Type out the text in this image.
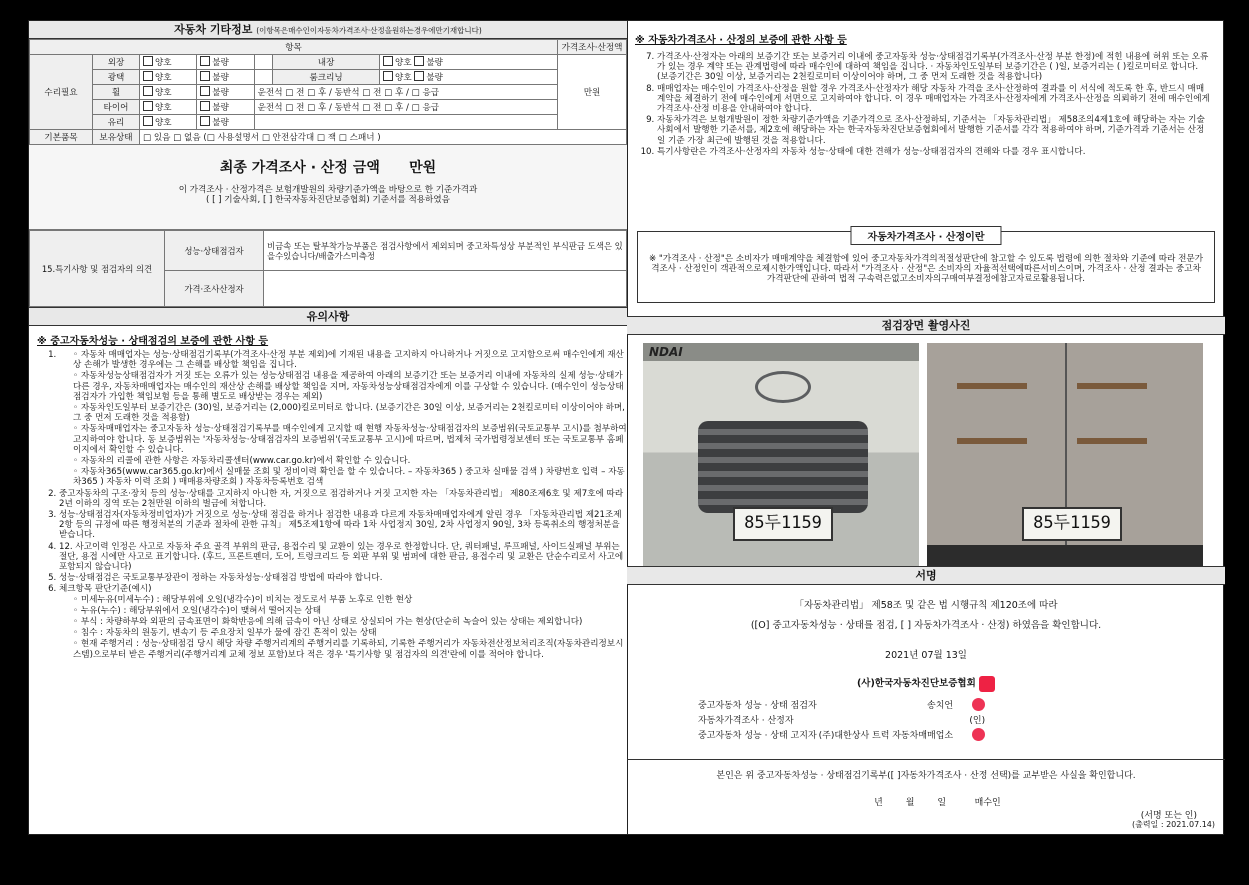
자동차 기타정보 (이항목은매수인이자동차가격조사·산정을원하는경우에만기재합니다)
항목							가격조사·산정액
수리필요	외장	양호	불량		내장	양호 불량	만원
	광택	양호	불량		룸크리닝	양호 불량	
	휠	양호	불량	운전석 □ 전 □ 후 / 동반석 □ 전 □ 후 / □ 응급			
	타이어	양호	불량	운전석 □ 전 □ 후 / 동반석 □ 전 □ 후 / □ 응급			
	유리	양호	불량				
기본품목	보유상태	□ 있음 □ 없음 (□ 사용설명서 □ 안전삼각대 □ 잭 □ 스패너 )					
최종 가격조사 · 산정 금액      만원
이 가격조사 · 산정가격은 보험개발원의 차량기준가액을 바탕으로 한 기준가격과
( [ ] 기술사회, [ ] 한국자동차진단보증협회) 기준서를 적용하였음
15.특기사항 및 점검자의 의견	성능·상태점검자	비금속 또는 탈부착가능부품은 점검사항에서 제외되며 중고차특성상 부분적인 부식판금 도색은 있을수있습니다/배출가스미측정
	가격·조사산정자	
유의사항
※ 중고자동차성능 · 상태점검의 보증에 관한 사항 등
◦ 1. 자동차 매매업자는 성능·상태점검기록부(가격조사·산정 부분 제외)에 기재된 내용을 고지하지 아니하거나 거짓으로 고지함으로써 매수인에게 재산상 손해가 발생한 경우에는 그 손해를 배상할 책임을 집니다.
◦ 자동차성능상태점검자가 거짓 또는 오류가 있는 성능상태점검 내용을 제공하여 아래의 보증기간 또는 보증거리 이내에 자동차의 실제 성능·상태가 다른 경우, 자동차매매업자는 매수인의 재산상 손해를 배상할 책임을 지며, 자동차성능상태점검자에게 이를 구상할 수 있습니다. (매수인이 성능상태점검자가 가입한 책임보험 등을 통해 별도로 배상받는 경우는 제외)
◦ 자동차인도일부터 보증기간은 (30)일, 보증거리는 (2,000)킬로미터로 합니다. (보증기간은 30일 이상, 보증거리는 2천킬로미터 이상이어야 하며, 그 중 먼저 도래한 것을 적용함)
◦ 자동차매매업자는 중고자동차 성능·상태점검기록부를 매수인에게 고지할 때 현행 자동차성능·상태점검자의 보증범위(국토교통부 고시)를 첨부하여 고지하여야 합니다. 동 보증범위는 '자동차성능·상태점검자의 보증범위'(국토교통부 고시)에 따르며, 법제처 국가법령정보센터 또는 국토교통부 홈페이지에서 확인할 수 있습니다.
◦ 자동차의 리콜에 관한 사항은 자동차리콜센터(www.car.go.kr)에서 확인할 수 있습니다.
◦ 자동차365(www.car365.go.kr)에서 실매물 조회 및 정비이력 확인을 할 수 있습니다. – 자동차365 ) 중고차 실매물 검색 ) 차량번호 입력 – 자동차365 ) 자동차 이력 조회 ) 매매용차량조회 ) 자동차등록번호 검색
2. 중고자동차의 구조·장치 등의 성능·상태를 고지하지 아니한 자, 거짓으로 점검하거나 거짓 고지한 자는 「자동차관리법」 제80조제6호 및 제7호에 따라 2년 이하의 징역 또는 2천만원 이하의 벌금에 처합니다.
3. 성능·상태점검자(자동차정비업자)가 거짓으로 성능·상태 점검을 하거나 점검한 내용과 다르게 자동차매매업자에게 알린 경우 「자동차관리법 제21조제2항 등의 규정에 따른 행정처분의 기준과 절차에 관한 규칙」 제5조제1항에 따라 1차 사업정지 30일, 2차 사업정지 90일, 3차 등록취소의 행정처분을 받습니다.
4. 12. 사고이력 인정은 사고로 자동차 주요 골격 부위의 판금, 용접수리 및 교환이 있는 경우로 한정합니다. 단, 쿼터패널, 루프패널, 사이드실패널 부위는 절단, 용접 시에만 사고로 표기합니다. (후드, 프론트펜더, 도어, 트렁크리드 등 외판 부위 및 범퍼에 대한 판금, 용접수리 및 교환은 단순수리로서 사고에 포함되지 않습니다)
5. 성능·상태점검은 국토교통부장관이 정하는 자동차성능·상태점검 방법에 따라야 합니다.
6. 체크항목 판단기준(예시)
◦ 미세누유(미세누수) : 해당부위에 오일(냉각수)이 비치는 정도로서 부품 노후로 인한 현상
◦ 누유(누수) : 해당부위에서 오일(냉각수)이 맺혀서 떨어지는 상태
◦ 부식 : 차량하부와 외판의 금속표면이 화학반응에 의해 금속이 아닌 상태로 상실되어 가는 현상(단순히 녹슬어 있는 상태는 제외합니다)
◦ 침수 : 자동차의 원동기, 변속기 등 주요장치 일부가 물에 잠긴 흔적이 있는 상태
◦ 현재 주행거리 : 성능·상태점검 당시 해당 차량 주행거리계의 주행거리를 기록하되, 기록한 주행거리가 자동차전산정보처리조직(자동차관리정보시스템)으로부터 받은 주행거리(주행거리계 교체 정보 포함)보다 적은 경우 '특기사항 및 점검자의 의견'란에 이를 적어야 합니다.
※ 자동차가격조사 · 산정의 보증에 관한 사항 등
7. 가격조사·산정자는 아래의 보증기간 또는 보증거리 이내에 중고자동차 성능·상태점검기록부(가격조사·산정 부분 한정)에 적힌 내용에 허위 또는 오류가 있는 경우 계약 또는 관계법령에 따라 매수인에 대하여 책임을 집니다. · 자동차인도일부터 보증기간은 ( )일, 보증거리는 ( )킬로미터로 합니다. (보증기간은 30일 이상, 보증거리는 2천킬로미터 이상이어야 하며, 그 중 먼저 도래한 것을 적용합니다)
8. 매매업자는 매수인이 가격조사·산정을 원할 경우 가격조사·산정자가 해당 자동차 가격을 조사·산정하여 결과를 이 서식에 적도록 한 후, 반드시 매매계약을 체결하기 전에 매수인에게 서면으로 고지하여야 합니다. 이 경우 매매업자는 가격조사·산정자에게 가격조사·산정을 의뢰하기 전에 매수인에게 가격조사·산정 비용을 안내하여야 합니다.
9. 자동차가격은 보험개발원이 정한 차량기준가액을 기준가격으로 조사·산정하되, 기준서는 「자동차관리법」 제58조의4제1호에 해당하는 자는 기술사회에서 발행한 기준서를, 제2호에 해당하는 자는 한국자동차진단보증협회에서 발행한 기준서를 각각 적용하여야 하며, 기준가격과 기준서는 산정일 기준 가장 최근에 발행된 것을 적용합니다.
10. 특기사항란은 가격조사·산정자의 자동차 성능·상태에 대한 견해가 성능·상태점검자의 견해와 다를 경우 표시합니다.
자동차가격조사 · 산정이란
※ "가격조사 · 산정"은 소비자가 매매계약을 체결함에 있어 중고자동차가격의적절성판단에 참고할 수 있도록 법령에 의한 절차와 기준에 따라 전문가격조사 · 산정인이 객관적으로제시한가액입니다. 따라서 "가격조사 · 산정"은 소비자의 자율적선택에따른서비스이며, 가격조사 · 산정 결과는 중고차 가격판단에 관하여 법적 구속력은없고소비자의구매여부결정에참고자료로활용됩니다.
점검장면 촬영사진
NDAI
85두1159	85두1159
서명
「자동차관리법」 제58조 및 같은 법 시행규칙 제120조에 따라
([O] 중고자동차성능 · 상태를 점검, [ ] 자동차가격조사 · 산정) 하였음을 확인합니다.
2021년 07월 13일
(사)한국자동차진단보증협회
중고자동차 성능 · 상태 점검자	송치언	
자동차가격조사 · 산정자		(인)
중고자동차 성능 · 상태 고지자	(주)대한상사 트럭 자동차매매업소	
본인은 위 중고자동차성능 · 상태점검기록부([ ]자동차가격조사 · 산정 선택)를 교부받은 사실을 확인합니다.

년        월        일          매수인

(서명 또는 인)

(출력일 : 2021.07.14)
